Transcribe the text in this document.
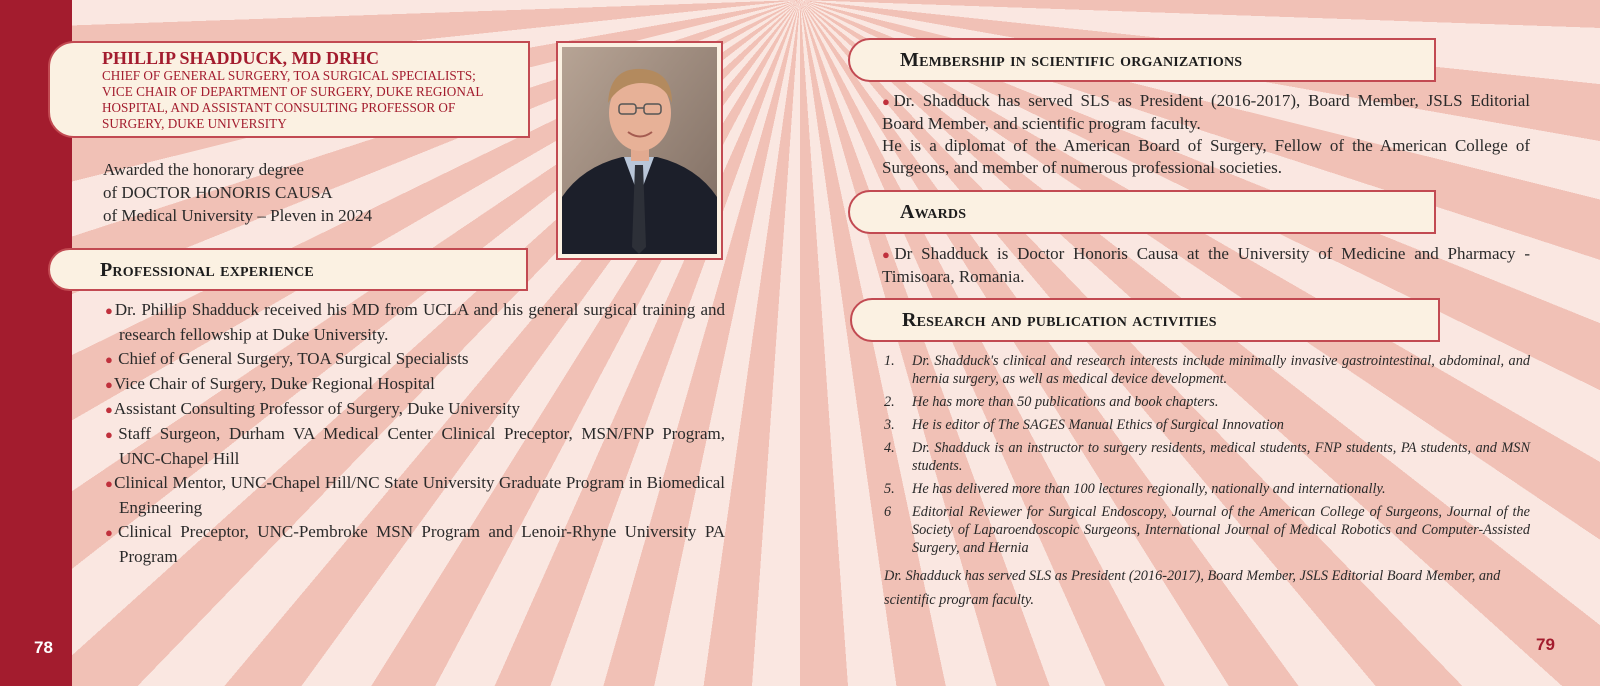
78	79
PHILLIP SHADDUCK, MD DRHC
CHIEF OF GENERAL SURGERY, TOA SURGICAL SPECIALISTS;
VICE CHAIR OF DEPARTMENT OF SURGERY, DUKE REGIONAL
HOSPITAL, AND ASSISTANT CONSULTING PROFESSOR OF
SURGERY, DUKE UNIVERSITY
Awarded the honorary degree
of DOCTOR HONORIS CAUSA
of Medical University – Pleven in 2024
Professional experience
● Dr. Phillip Shadduck received his MD from UCLA and his general surgical training and research fellowship at Duke University.
● Chief of General Surgery, TOA Surgical Specialists
● Vice Chair of Surgery, Duke Regional Hospital
● Assistant Consulting Professor of Surgery, Duke University
● Staff Surgeon, Durham VA Medical Center Clinical Preceptor, MSN/FNP Program, UNC-Chapel Hill
● Clinical Mentor, UNC-Chapel Hill/NC State University Graduate Program in Biomedical Engineering
● Clinical Preceptor, UNC-Pembroke MSN Program and Lenoir-Rhyne University PA Program
Membership in scientific organizations
●Dr. Shadduck has served SLS as President (2016-2017), Board Member, JSLS Editorial Board Member, and scientific program faculty.
He is a diplomat of the American Board of Surgery, Fellow of the American College of Surgeons, and member of numerous professional societies.
Awards
●Dr Shadduck is Doctor Honoris Causa at the University of Medicine and Pharmacy - Timisoara, Romania.
Research and publication activities
1.	Dr. Shadduck's clinical and research interests include minimally invasive gastrointestinal, abdominal, and hernia surgery, as well as medical device development.
2.	He has more than 50 publications and book chapters.
3.	He is editor of The SAGES Manual Ethics of Surgical Innovation
4.	Dr. Shadduck is an instructor to surgery residents, medical students, FNP students, PA students, and MSN students.
5.	He has delivered more than 100 lectures regionally, nationally and internationally.
6	Editorial Reviewer for Surgical Endoscopy, Journal of the American College of Surgeons, Journal of the Society of Laparoendoscopic Surgeons, International Journal of Medical Robotics and Computer-Assisted Surgery, and Hernia
Dr. Shadduck has served SLS as President (2016-2017), Board Member, JSLS Editorial Board Member, and scientific program faculty.
